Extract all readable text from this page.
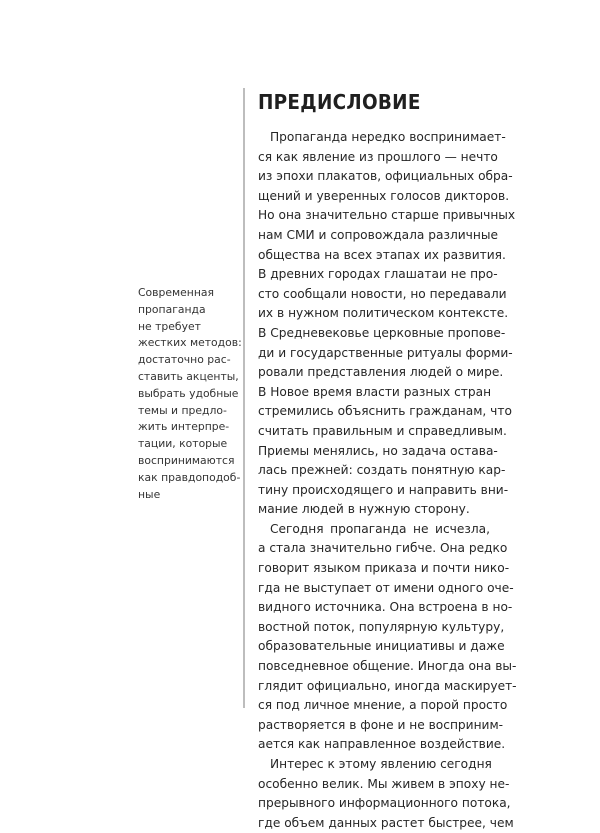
ПРЕДИСЛОВИЕ
Современная
пропаганда
не требует
жестких методов:
достаточно рас-
ставить акценты,
выбрать удобные
темы и предло-
жить интерпре-
тации, которые
воспринимаются
как правдоподоб-
ные
Пропаганда нередко воспринимает-
ся как явление из прошлого — нечто
из эпохи плакатов, официальных обра-
щений и уверенных голосов дикторов.
Но она значительно старше привычных
нам СМИ и сопровождала различные
общества на всех этапах их развития.
В древних городах глашатаи не про-
сто сообщали новости, но передавали
их в нужном политическом контексте.
В Средневековье церковные пропове-
ди и государственные ритуалы форми-
ровали представления людей о мире.
В Новое время власти разных стран
стремились объяснить гражданам, что
считать правильным и справедливым.
Приемы менялись, но задача остава-
лась прежней: создать понятную кар-
тину происходящего и направить вни-
мание людей в нужную сторону.
Сегодня пропаганда не исчезла,
а стала значительно гибче. Она редко
говорит языком приказа и почти нико-
гда не выступает от имени одного оче-
видного источника. Она встроена в но-
востной поток, популярную культуру,
образовательные инициативы и даже
повседневное общение. Иногда она вы-
глядит официально, иногда маскирует-
ся под личное мнение, а порой просто
растворяется в фоне и не восприним-
ается как направленное воздействие.
Интерес к этому явлению сегодня
особенно велик. Мы живем в эпоху не-
прерывного информационного потока,
где объем данных растет быстрее, чем
